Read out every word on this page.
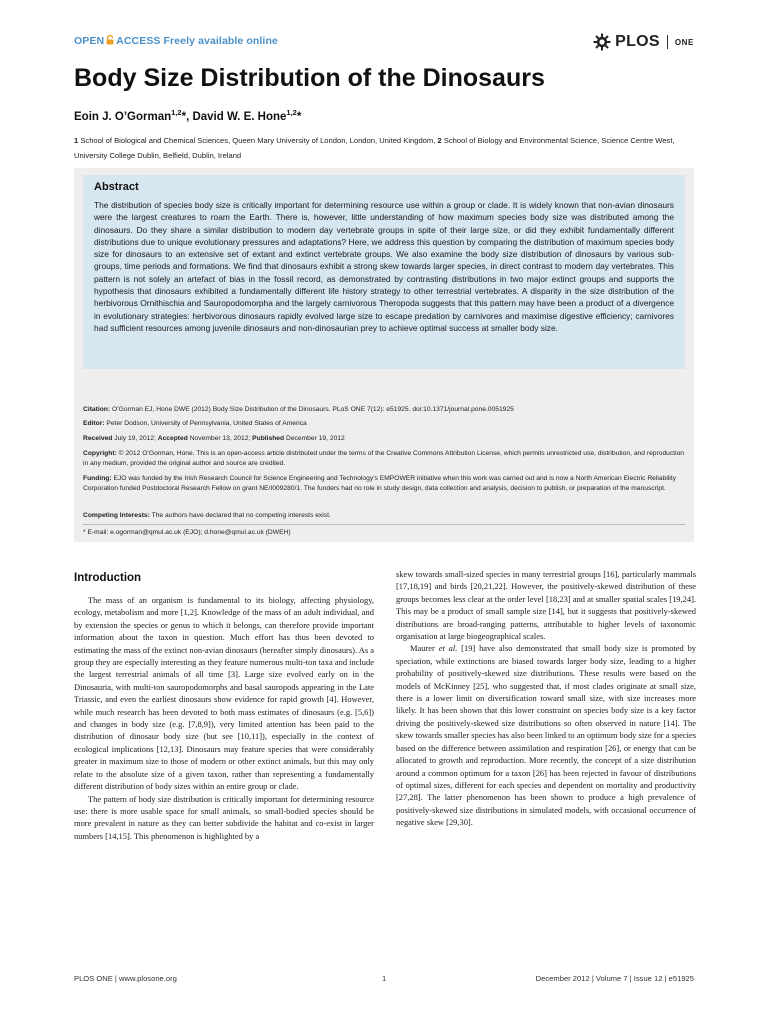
OPEN ACCESS Freely available online	PLOS ONE
Body Size Distribution of the Dinosaurs
Eoin J. O’Gorman$^{1,2}$*, David W. E. Hone$^{1,2}$*
1 School of Biological and Chemical Sciences, Queen Mary University of London, London, United Kingdom, 2 School of Biology and Environmental Science, Science Centre West, University College Dublin, Belfield, Dublin, Ireland
Abstract

The distribution of species body size is critically important for determining resource use within a group or clade. It is widely known that non-avian dinosaurs were the largest creatures to roam the Earth. There is, however, little understanding of how maximum species body size was distributed among the dinosaurs. Do they share a similar distribution to modern day vertebrate groups in spite of their large size, or did they exhibit fundamentally different distributions due to unique evolutionary pressures and adaptations? Here, we address this question by comparing the distribution of maximum species body size for dinosaurs to an extensive set of extant and extinct vertebrate groups. We also examine the body size distribution of dinosaurs by various sub-groups, time periods and formations. We find that dinosaurs exhibit a strong skew towards larger species, in direct contrast to modern day vertebrates. This pattern is not solely an artefact of bias in the fossil record, as demonstrated by contrasting distributions in two major extinct groups and supports the hypothesis that dinosaurs exhibited a fundamentally different life history strategy to other terrestrial vertebrates. A disparity in the size distribution of the herbivorous Ornithischia and Sauropodomorpha and the largely carnivorous Theropoda suggests that this pattern may have been a product of a divergence in evolutionary strategies: herbivorous dinosaurs rapidly evolved large size to escape predation by carnivores and maximise digestive efficiency; carnivores had sufficient resources among juvenile dinosaurs and non-dinosaurian prey to achieve optimal success at smaller body size.

Citation: O’Gorman EJ, Hone DWE (2012) Body Size Distribution of the Dinosaurs. PLoS ONE 7(12): e51925. doi:10.1371/journal.pone.0051925

Editor: Peter Dodson, University of Pennsylvania, United States of America

Received July 19, 2012; Accepted November 13, 2012; Published December 19, 2012

Copyright: © 2012 O’Gorman, Hone. This is an open-access article distributed under the terms of the Creative Commons Attribution License, which permits unrestricted use, distribution, and reproduction in any medium, provided the original author and source are credited.

Funding: EJO was funded by the Irish Research Council for Science Engineering and Technology’s EMPOWER initiative when this work was carried out and is now a North American Electric Reliability Corporation funded Postdoctoral Research Fellow on grant NE/I009280/1. The funders had no role in study design, data collection and analysis, decision to publish, or preparation of the manuscript.

Competing Interests: The authors have declared that no competing interests exist.

* E-mail: e.ogorman@qmul.ac.uk (EJO); d.hone@qmul.ac.uk (DWEH)

Introduction

The mass of an organism is fundamental to its biology, affecting physiology, ecology, metabolism and more [1,2]. Knowledge of the mass of an adult individual, and by extension the species or genus to which it belongs, can therefore provide important information about the taxon in question. Much effort has thus been devoted to estimating the mass of the extinct non-avian dinosaurs (hereafter simply dinosaurs). As a group they are especially interesting as they feature numerous multi-ton taxa and include the largest terrestrial animals of all time [3]. Large size evolved early on in the Dinosauria, with multi-ton sauropodomorphs and basal sauropods appearing in the Late Triassic, and even the earliest dinosaurs show evidence for rapid growth [4]. However, while much research has been devoted to both mass estimates of dinosaurs (e.g. [5,6]) and changes in body size (e.g. [7,8,9]), very limited attention has been paid to the distribution of dinosaur body size (but see [10,11]), especially in the context of ecological implications [12,13]. Dinosaurs may feature species that were considerably greater in maximum size to those of modern or other extinct animals, but this may only relate to the absolute size of a given taxon, rather than representing a fundamentally different distribution of body sizes within an entire group or clade.

The pattern of body size distribution is critically important for determining resource use: there is more usable space for small animals, so small-bodied species should be more prevalent in nature as they can better subdivide the habitat and co-exist in larger numbers [14,15]. This phenomenon is highlighted by a

skew towards small-sized species in many terrestrial groups [16], particularly mammals [17,18,19] and birds [20,21,22]. However, the positively-skewed distribution of these groups becomes less clear at the order level [18,23] and at smaller spatial scales [19,24]. This may be a product of small sample size [14], but it suggests that positively-skewed distributions are broad-ranging patterns, attributable to higher levels of taxonomic organisation at large biogeographical scales.

Maurer et al. [19] have also demonstrated that small body size is promoted by speciation, while extinctions are biased towards larger body size, leading to a higher probability of positively-skewed size distributions. These results were based on the models of McKinney [25], who suggested that, if most clades originate at small size, there is a lower limit on diversification toward small size, with size increases more likely. It has been shown that this lower constraint on species body size is a key factor driving the positively-skewed size distributions so often observed in nature [14]. The skew towards smaller species has also been linked to an optimum body size for a species based on the difference between assimilation and respiration [26], or energy that can be allocated to growth and reproduction. More recently, the concept of a size distribution around a common optimum for a taxon [26] has been rejected in favour of distributions of optimal sizes, different for each species and dependent on mortality and productivity [27,28]. The latter phenomenon has been shown to produce a high prevalence of positively-skewed size distributions in simulated models, with occasional occurrence of negative skew [29,30].

PLOS ONE | www.plosone.org	1	December 2012 | Volume 7 | Issue 12 | e51925
